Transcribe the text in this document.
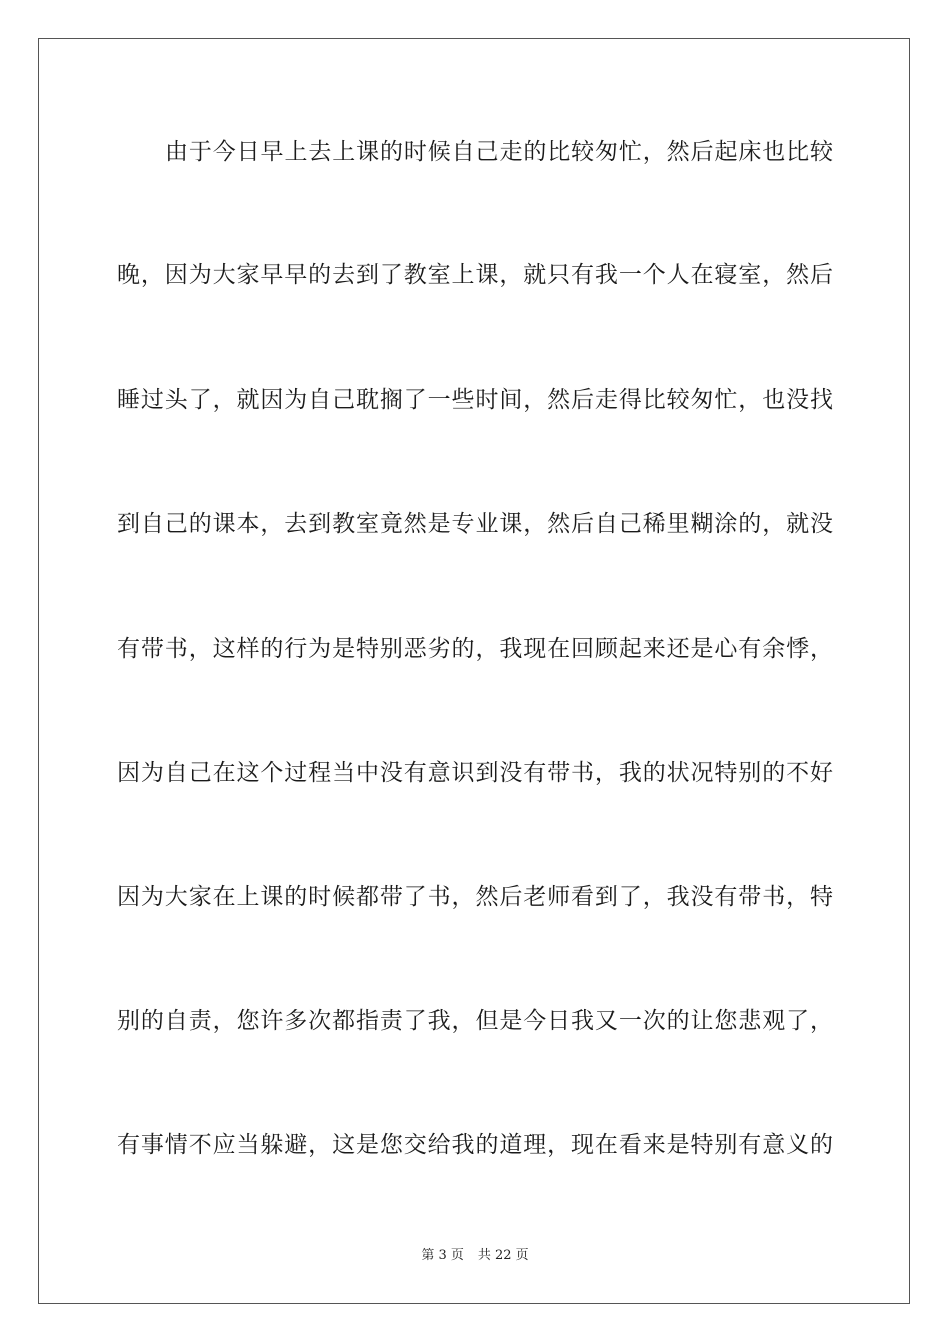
由于今日早上去上课的时候自己走的比较匆忙，然后起床也比较
晚，因为大家早早的去到了教室上课，就只有我一个人在寝室，然后
睡过头了，就因为自己耽搁了一些时间，然后走得比较匆忙，也没找
到自己的课本，去到教室竟然是专业课，然后自己稀里糊涂的，就没
有带书，这样的行为是特别恶劣的，我现在回顾起来还是心有余悸，
因为自己在这个过程当中没有意识到没有带书，我的状况特别的不好
因为大家在上课的时候都带了书，然后老师看到了，我没有带书，特
别的自责，您许多次都指责了我，但是今日我又一次的让您悲观了，
有事情不应当躲避，这是您交给我的道理，现在看来是特别有意义的
第 3 页 共 22 页
